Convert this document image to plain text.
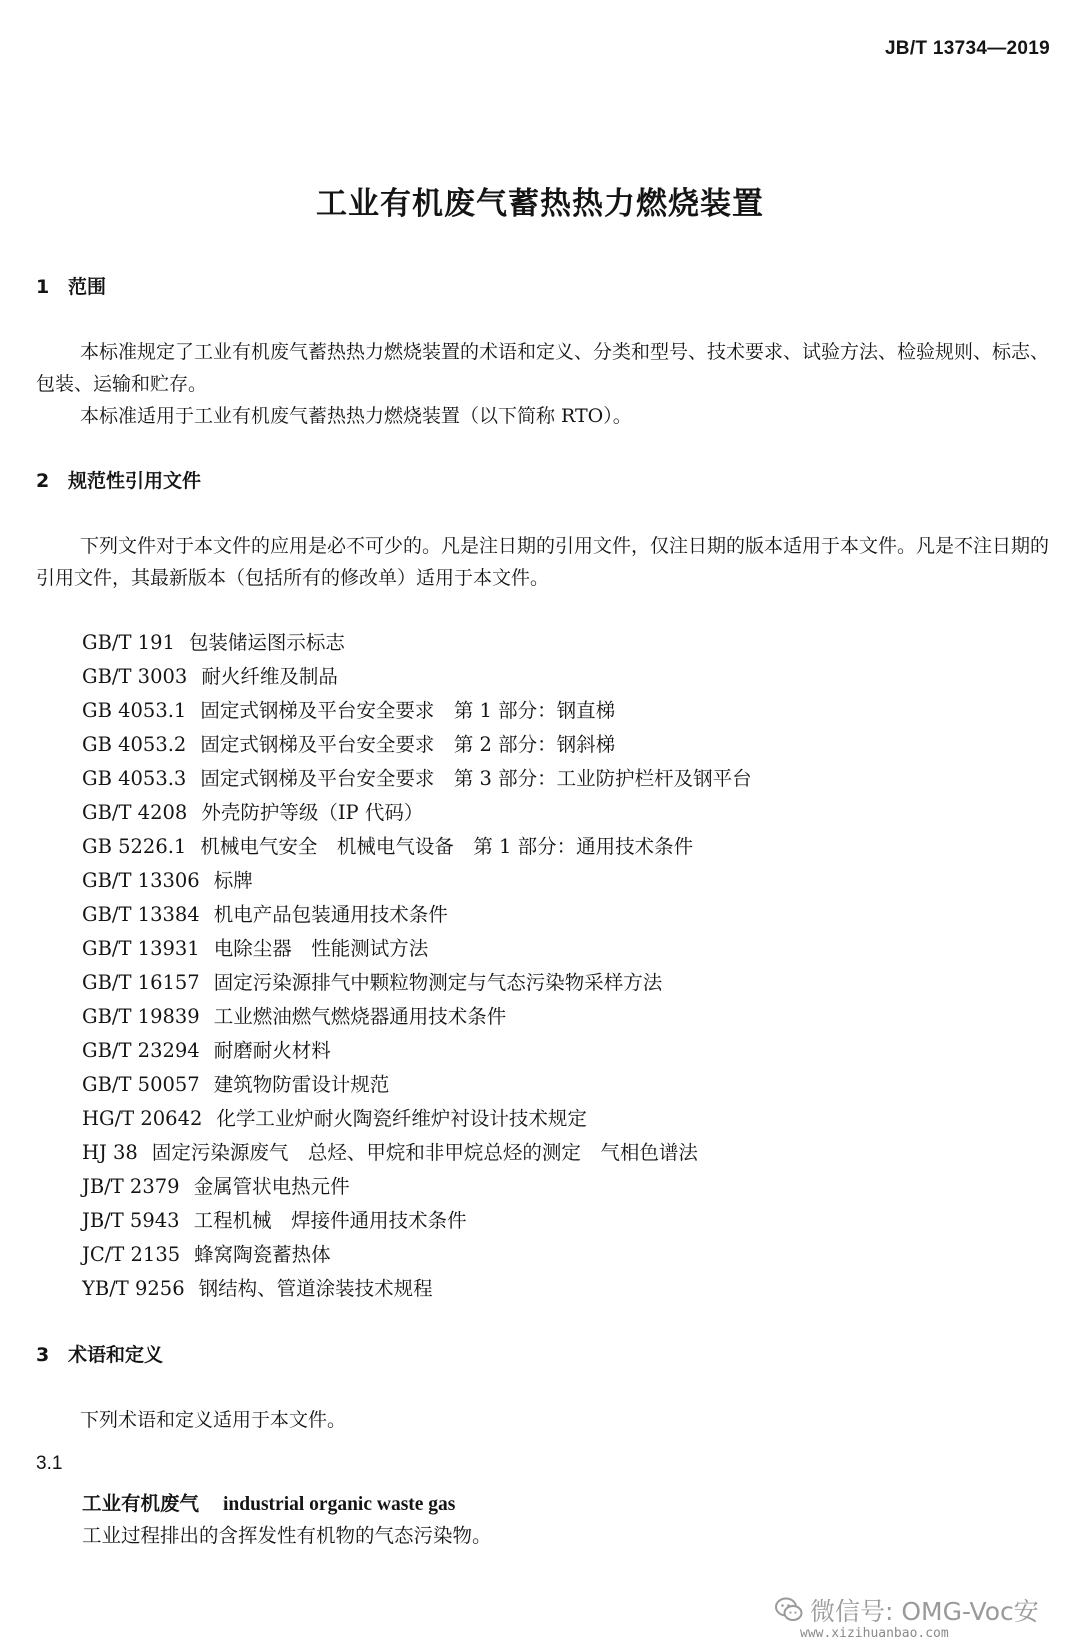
JB/T 13734—2019
工业有机废气蓄热热力燃烧装置
1 范围
本标准规定了工业有机废气蓄热热力燃烧装置的术语和定义、分类和型号、技术要求、试验方法、检验规则、标志、包装、运输和贮存。
本标准适用于工业有机废气蓄热热力燃烧装置（以下简称 RTO）。
2 规范性引用文件
下列文件对于本文件的应用是必不可少的。凡是注日期的引用文件，仅注日期的版本适用于本文件。凡是不注日期的引用文件，其最新版本（包括所有的修改单）适用于本文件。
GB/T 191 包装储运图示标志
GB/T 3003 耐火纤维及制品
GB 4053.1 固定式钢梯及平台安全要求　第 1 部分：钢直梯
GB 4053.2 固定式钢梯及平台安全要求　第 2 部分：钢斜梯
GB 4053.3 固定式钢梯及平台安全要求　第 3 部分：工业防护栏杆及钢平台
GB/T 4208 外壳防护等级（IP 代码）
GB 5226.1 机械电气安全　机械电气设备　第 1 部分：通用技术条件
GB/T 13306 标牌
GB/T 13384 机电产品包装通用技术条件
GB/T 13931 电除尘器　性能测试方法
GB/T 16157 固定污染源排气中颗粒物测定与气态污染物采样方法
GB/T 19839 工业燃油燃气燃烧器通用技术条件
GB/T 23294 耐磨耐火材料
GB/T 50057 建筑物防雷设计规范
HG/T 20642 化学工业炉耐火陶瓷纤维炉衬设计技术规定
HJ 38 固定污染源废气　总烃、甲烷和非甲烷总烃的测定　气相色谱法
JB/T 2379 金属管状电热元件
JB/T 5943 工程机械　焊接件通用技术条件
JC/T 2135 蜂窝陶瓷蓄热体
YB/T 9256 钢结构、管道涂装技术规程
3 术语和定义
下列术语和定义适用于本文件。
3.1
工业有机废气 industrial organic waste gas
工业过程排出的含挥发性有机物的气态污染物。
微信号: OMG-Voc安
www.xizihuanbao.com
